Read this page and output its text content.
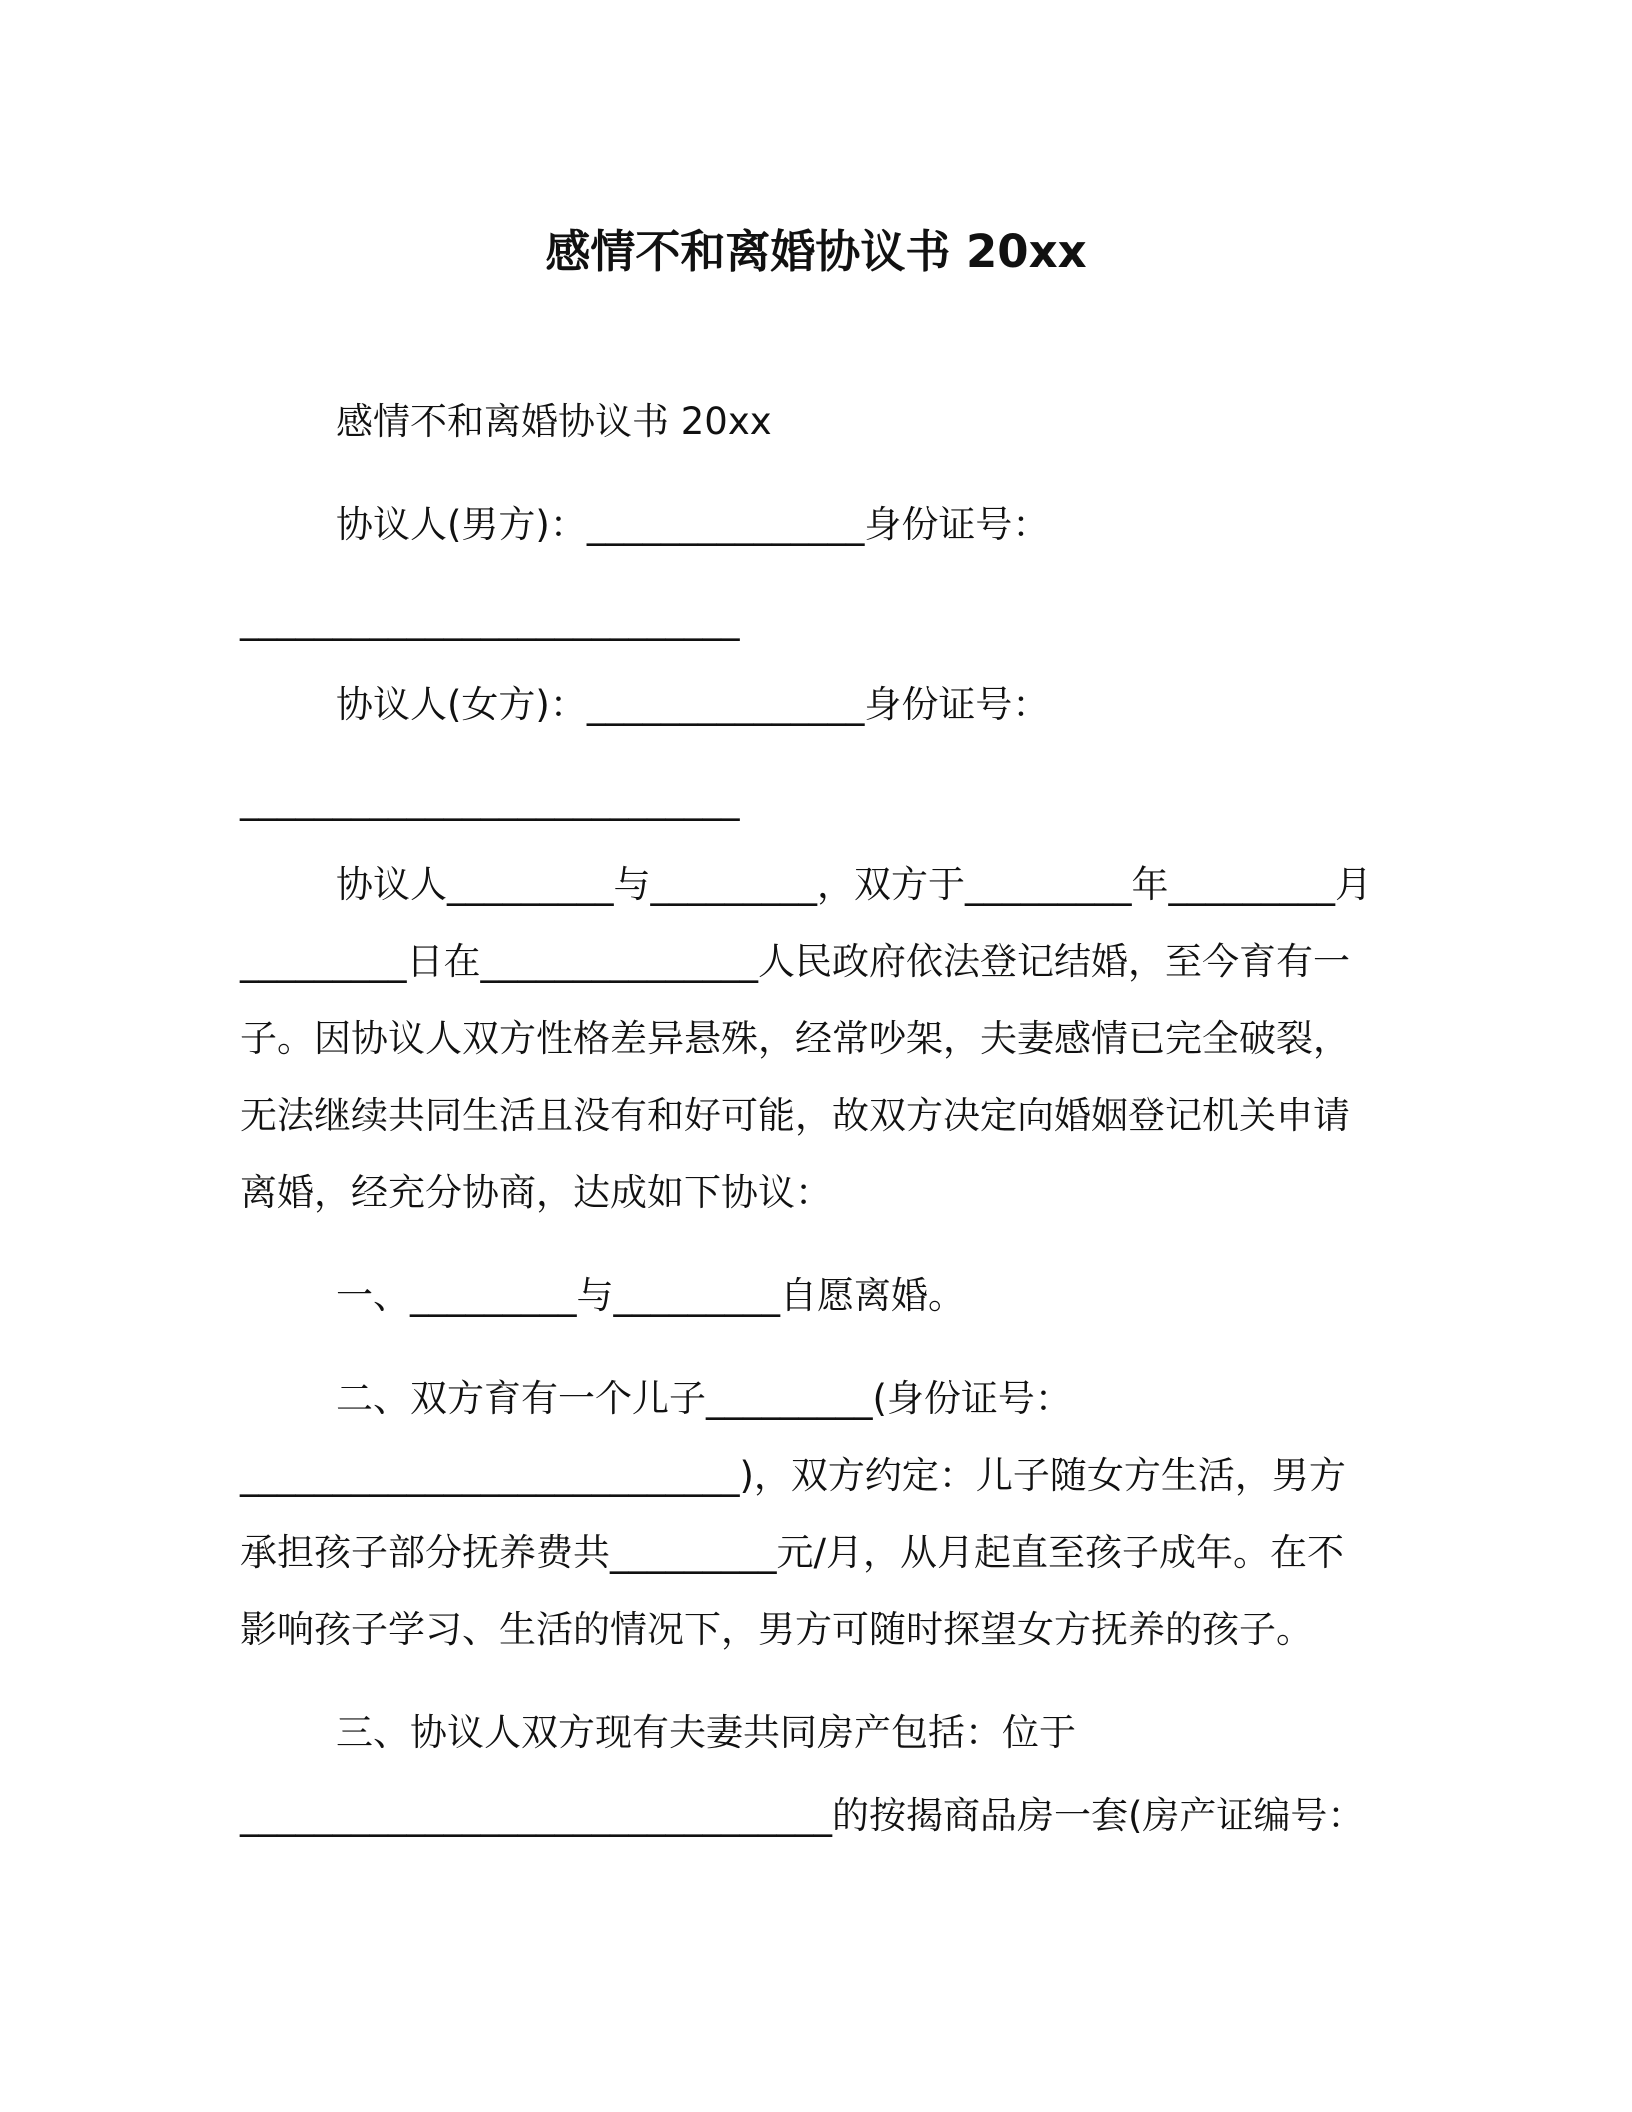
感情不和离婚协议书 20xx
感情不和离婚协议书 20xx
协议人(男方)：_______________身份证号：
___________________________
协议人(女方)：_______________身份证号：
___________________________
协议人_________与_________，双方于_________年_________月
_________日在_______________人民政府依法登记结婚，至今育有一
子。因协议人双方性格差异悬殊，经常吵架，夫妻感情已完全破裂，
无法继续共同生活且没有和好可能，故双方决定向婚姻登记机关申请
离婚，经充分协商，达成如下协议：
一、_________与_________自愿离婚。
二、双方育有一个儿子_________(身份证号：
___________________________)，双方约定：儿子随女方生活，男方
承担孩子部分抚养费共_________元/月，从月起直至孩子成年。在不
影响孩子学习、生活的情况下，男方可随时探望女方抚养的孩子。
三、协议人双方现有夫妻共同房产包括：位于
________________________________的按揭商品房一套(房产证编号：
